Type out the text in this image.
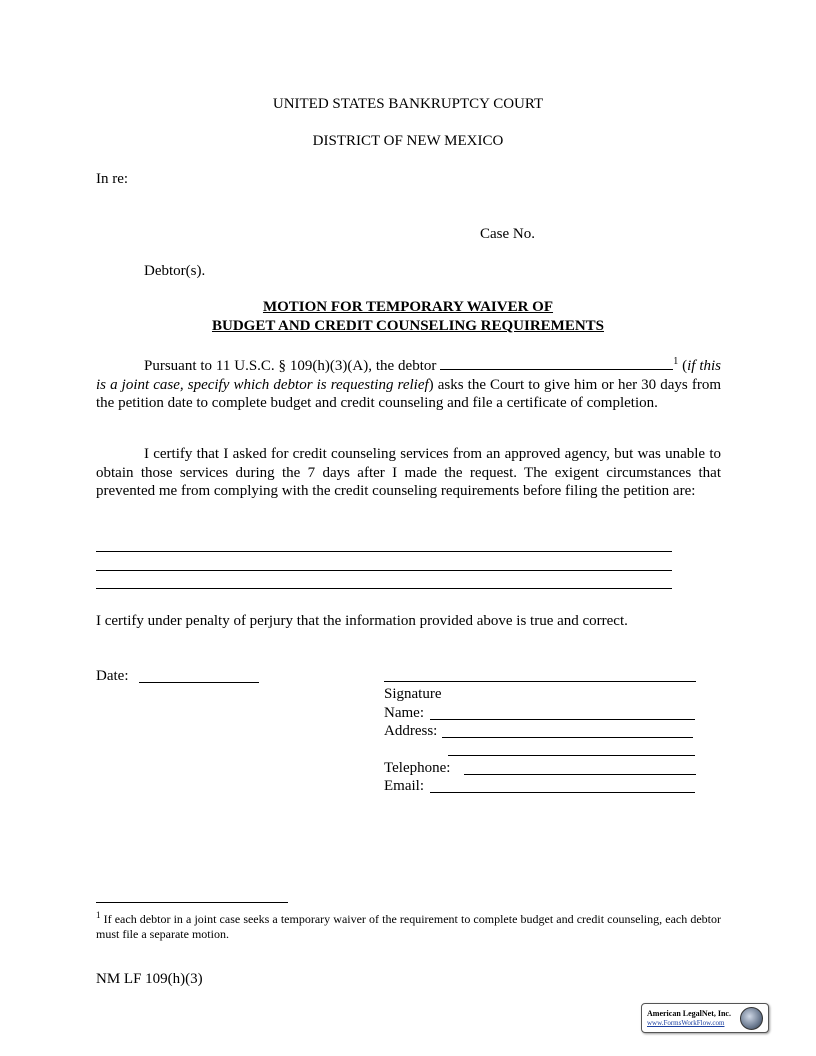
UNITED STATES BANKRUPTCY COURT
DISTRICT OF NEW MEXICO
In re:
Case No.
Debtor(s).
MOTION FOR TEMPORARY WAIVER OF
BUDGET AND CREDIT COUNSELING REQUIREMENTS
Pursuant to 11 U.S.C. § 109(h)(3)(A), the debtor	$^1$ (if this is a joint case, specify which debtor is requesting relief) asks the Court to give him or her 30 days from the petition date to complete budget and credit counseling and file a certificate of completion.
I certify that I asked for credit counseling services from an approved agency, but was unable to obtain those services during the 7 days after I made the request. The exigent circumstances that prevented me from complying with the credit counseling requirements before filing the petition are:
I certify under penalty of perjury that the information provided above is true and correct.
Date:
Signature
Name:
Address:
Telephone:
Email:
$^1$ If each debtor in a joint case seeks a temporary waiver of the requirement to complete budget and credit counseling, each debtor must file a separate motion.
NM LF 109(h)(3)
American LegalNet, Inc.
www.FormsWorkFlow.com
